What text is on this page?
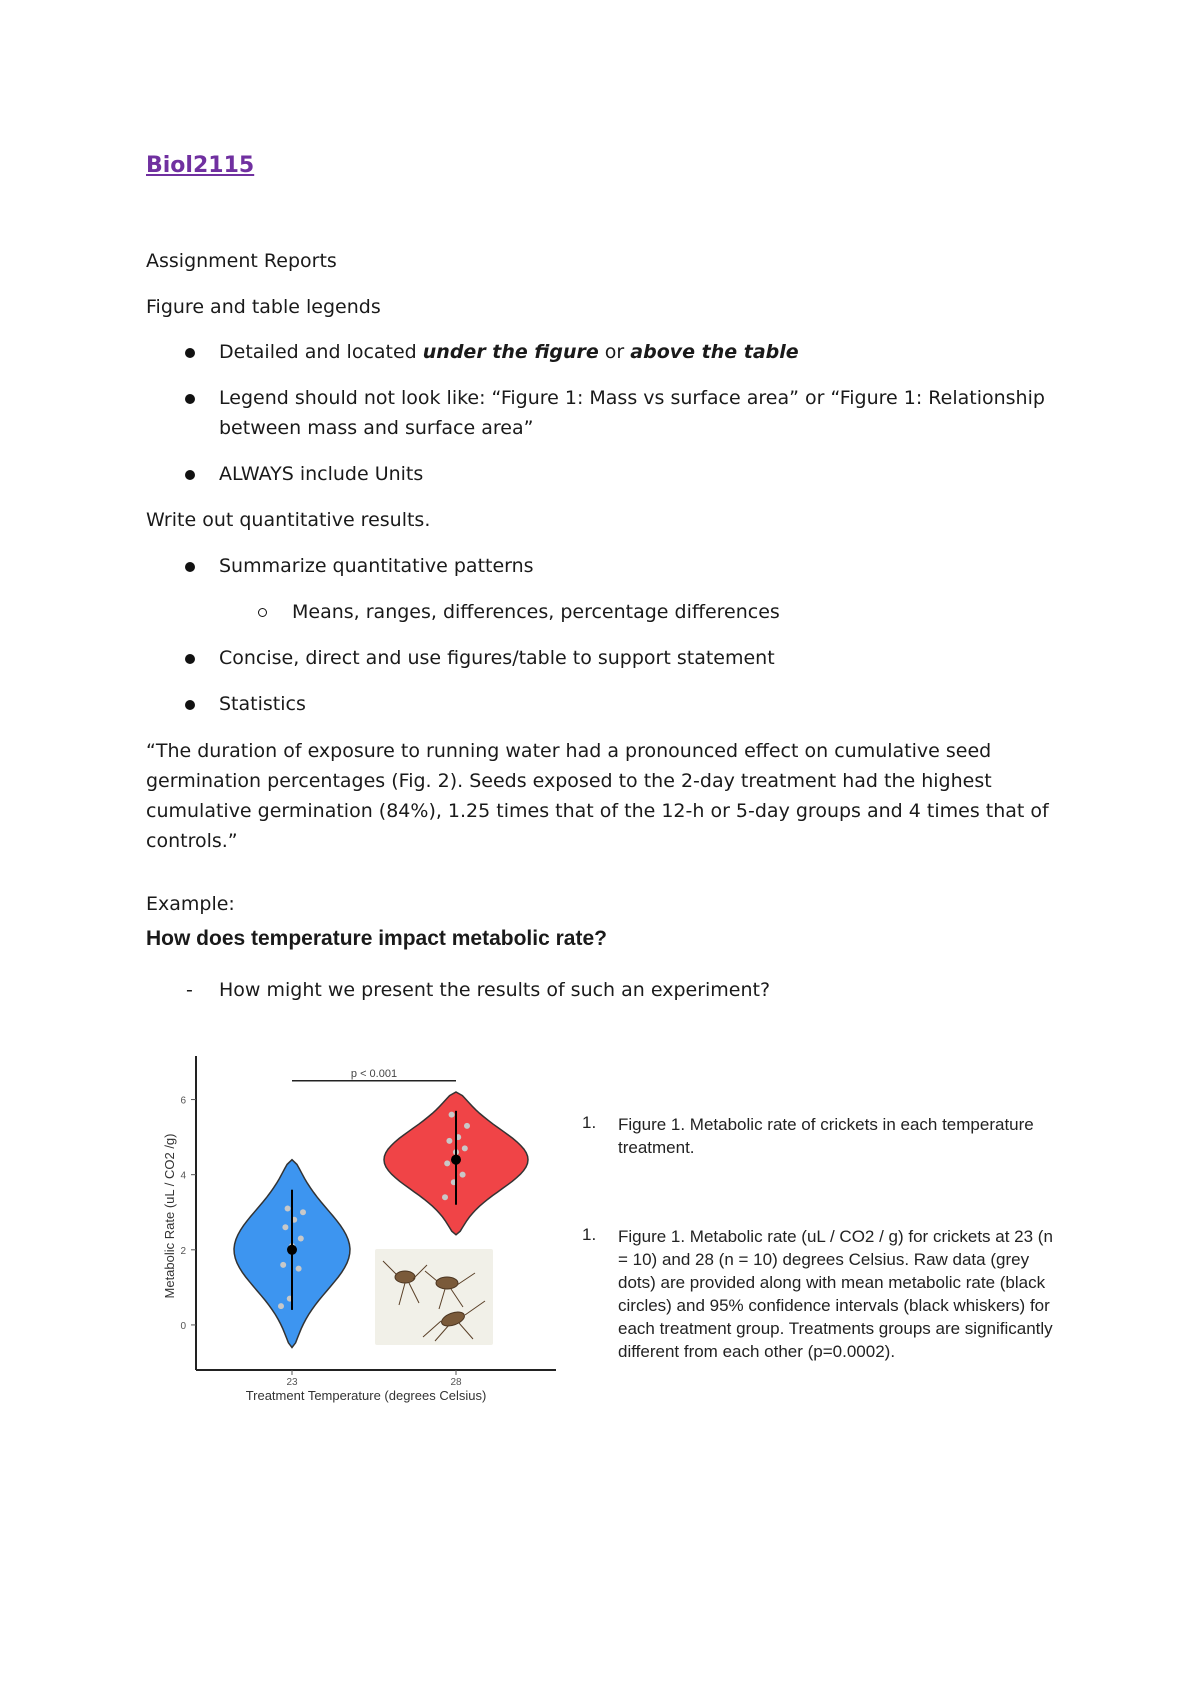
Biol2115
Assignment Reports
Figure and table legends
Detailed and located under the figure or above the table
Legend should not look like: “Figure 1: Mass vs surface area” or “Figure 1: Relationship
between mass and surface area”
ALWAYS include Units
Write out quantitative results.
Summarize quantitative patterns
Means, ranges, differences, percentage differences
Concise, direct and use figures/table to support statement
Statistics
“The duration of exposure to running water had a pronounced effect on cumulative seed germination percentages (Fig. 2). Seeds exposed to the 2-day treatment had the highest cumulative germination (84%), 1.25 times that of the 12-h or 5-day groups and 4 times that of controls.”
Example:
How does temperature impact metabolic rate?
- How might we present the results of such an experiment?
0
2
4
6
23	28
Treatment Temperature (degrees Celsius)
Metabolic Rate (uL / CO2 /g)
p < 0.001
1. Figure 1. Metabolic rate of crickets in each temperature treatment.
1. Figure 1. Metabolic rate (uL / CO2 / g) for crickets at 23 (n = 10) and 28 (n = 10) degrees Celsius. Raw data (grey dots) are provided along with mean metabolic rate (black circles) and 95% confidence intervals (black whiskers) for each treatment group. Treatments groups are significantly different from each other (p=0.0002).
